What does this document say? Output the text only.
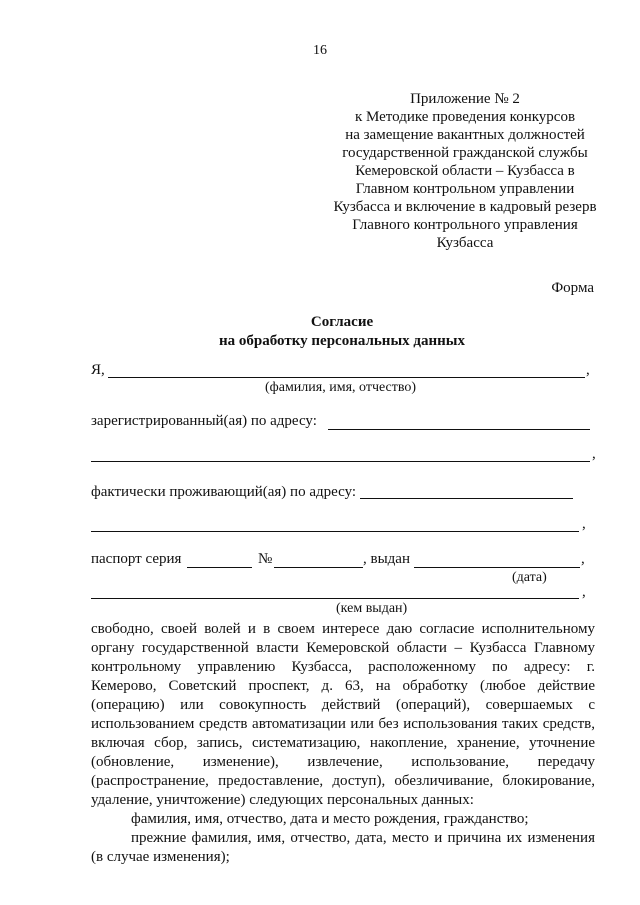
16
Приложение № 2
к Методике проведения конкурсов
на замещение вакантных должностей
государственной гражданской службы
Кемеровской области – Кузбасса в
Главном контрольном управлении
Кузбасса и включение в кадровый резерв
Главного контрольного управления
Кузбасса
Форма
Согласие
на обработку персональных данных
Я,	,
(фамилия, имя, отчество)
зарегистрированный(ая) по адресу:
,
фактически проживающий(ая) по адресу:
,
паспорт серия	№	, выдан	,
(дата)
,
(кем выдан)
свободно, своей волей и в своем интересе даю согласие исполнительному
органу государственной власти Кемеровской области – Кузбасса Главному
контрольному управлению Кузбасса, расположенному по адресу: г.
Кемерово, Советский проспект, д. 63, на обработку (любое действие
(операцию) или совокупность действий (операций), совершаемых с
использованием средств автоматизации или без использования таких средств,
включая сбор, запись, систематизацию, накопление, хранение, уточнение
(обновление, изменение), извлечение, использование, передачу
(распространение, предоставление, доступ), обезличивание, блокирование,
удаление, уничтожение) следующих персональных данных:
фамилия, имя, отчество, дата и место рождения, гражданство;
прежние фамилия, имя, отчество, дата, место и причина их изменения
(в случае изменения);
